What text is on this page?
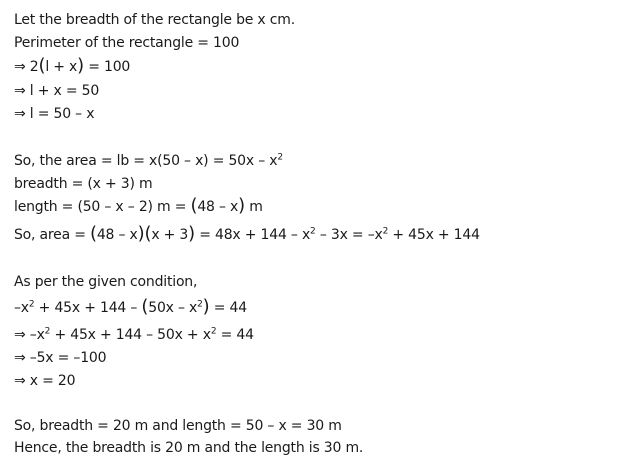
Let the breadth of the rectangle be x cm.
Perimeter of the rectangle = 100
⇒ 2(l + x) = 100
⇒ l + x = 50
⇒ l = 50 – x
So, the area = lb = $x(50 - x) = 50x - x^2$
breadth = (x + 3) m
length = (50 – x – 2) m = (48 – x) m
So, area = $(48 - x)(x + 3) = 48x + 144 - x^2 - 3x = -x^2 + 45x + 144$
As per the given condition,
$-x^2 + 45x + 144 - (50x - x^2) = 44$
⇒ $-x^2 + 45x + 144 - 50x + x^2 = 44$
⇒ –5x = –100
⇒ x = 20
So, breadth = 20 m and length = 50 – x = 30 m
Hence, the breadth is 20 m and the length is 30 m.
